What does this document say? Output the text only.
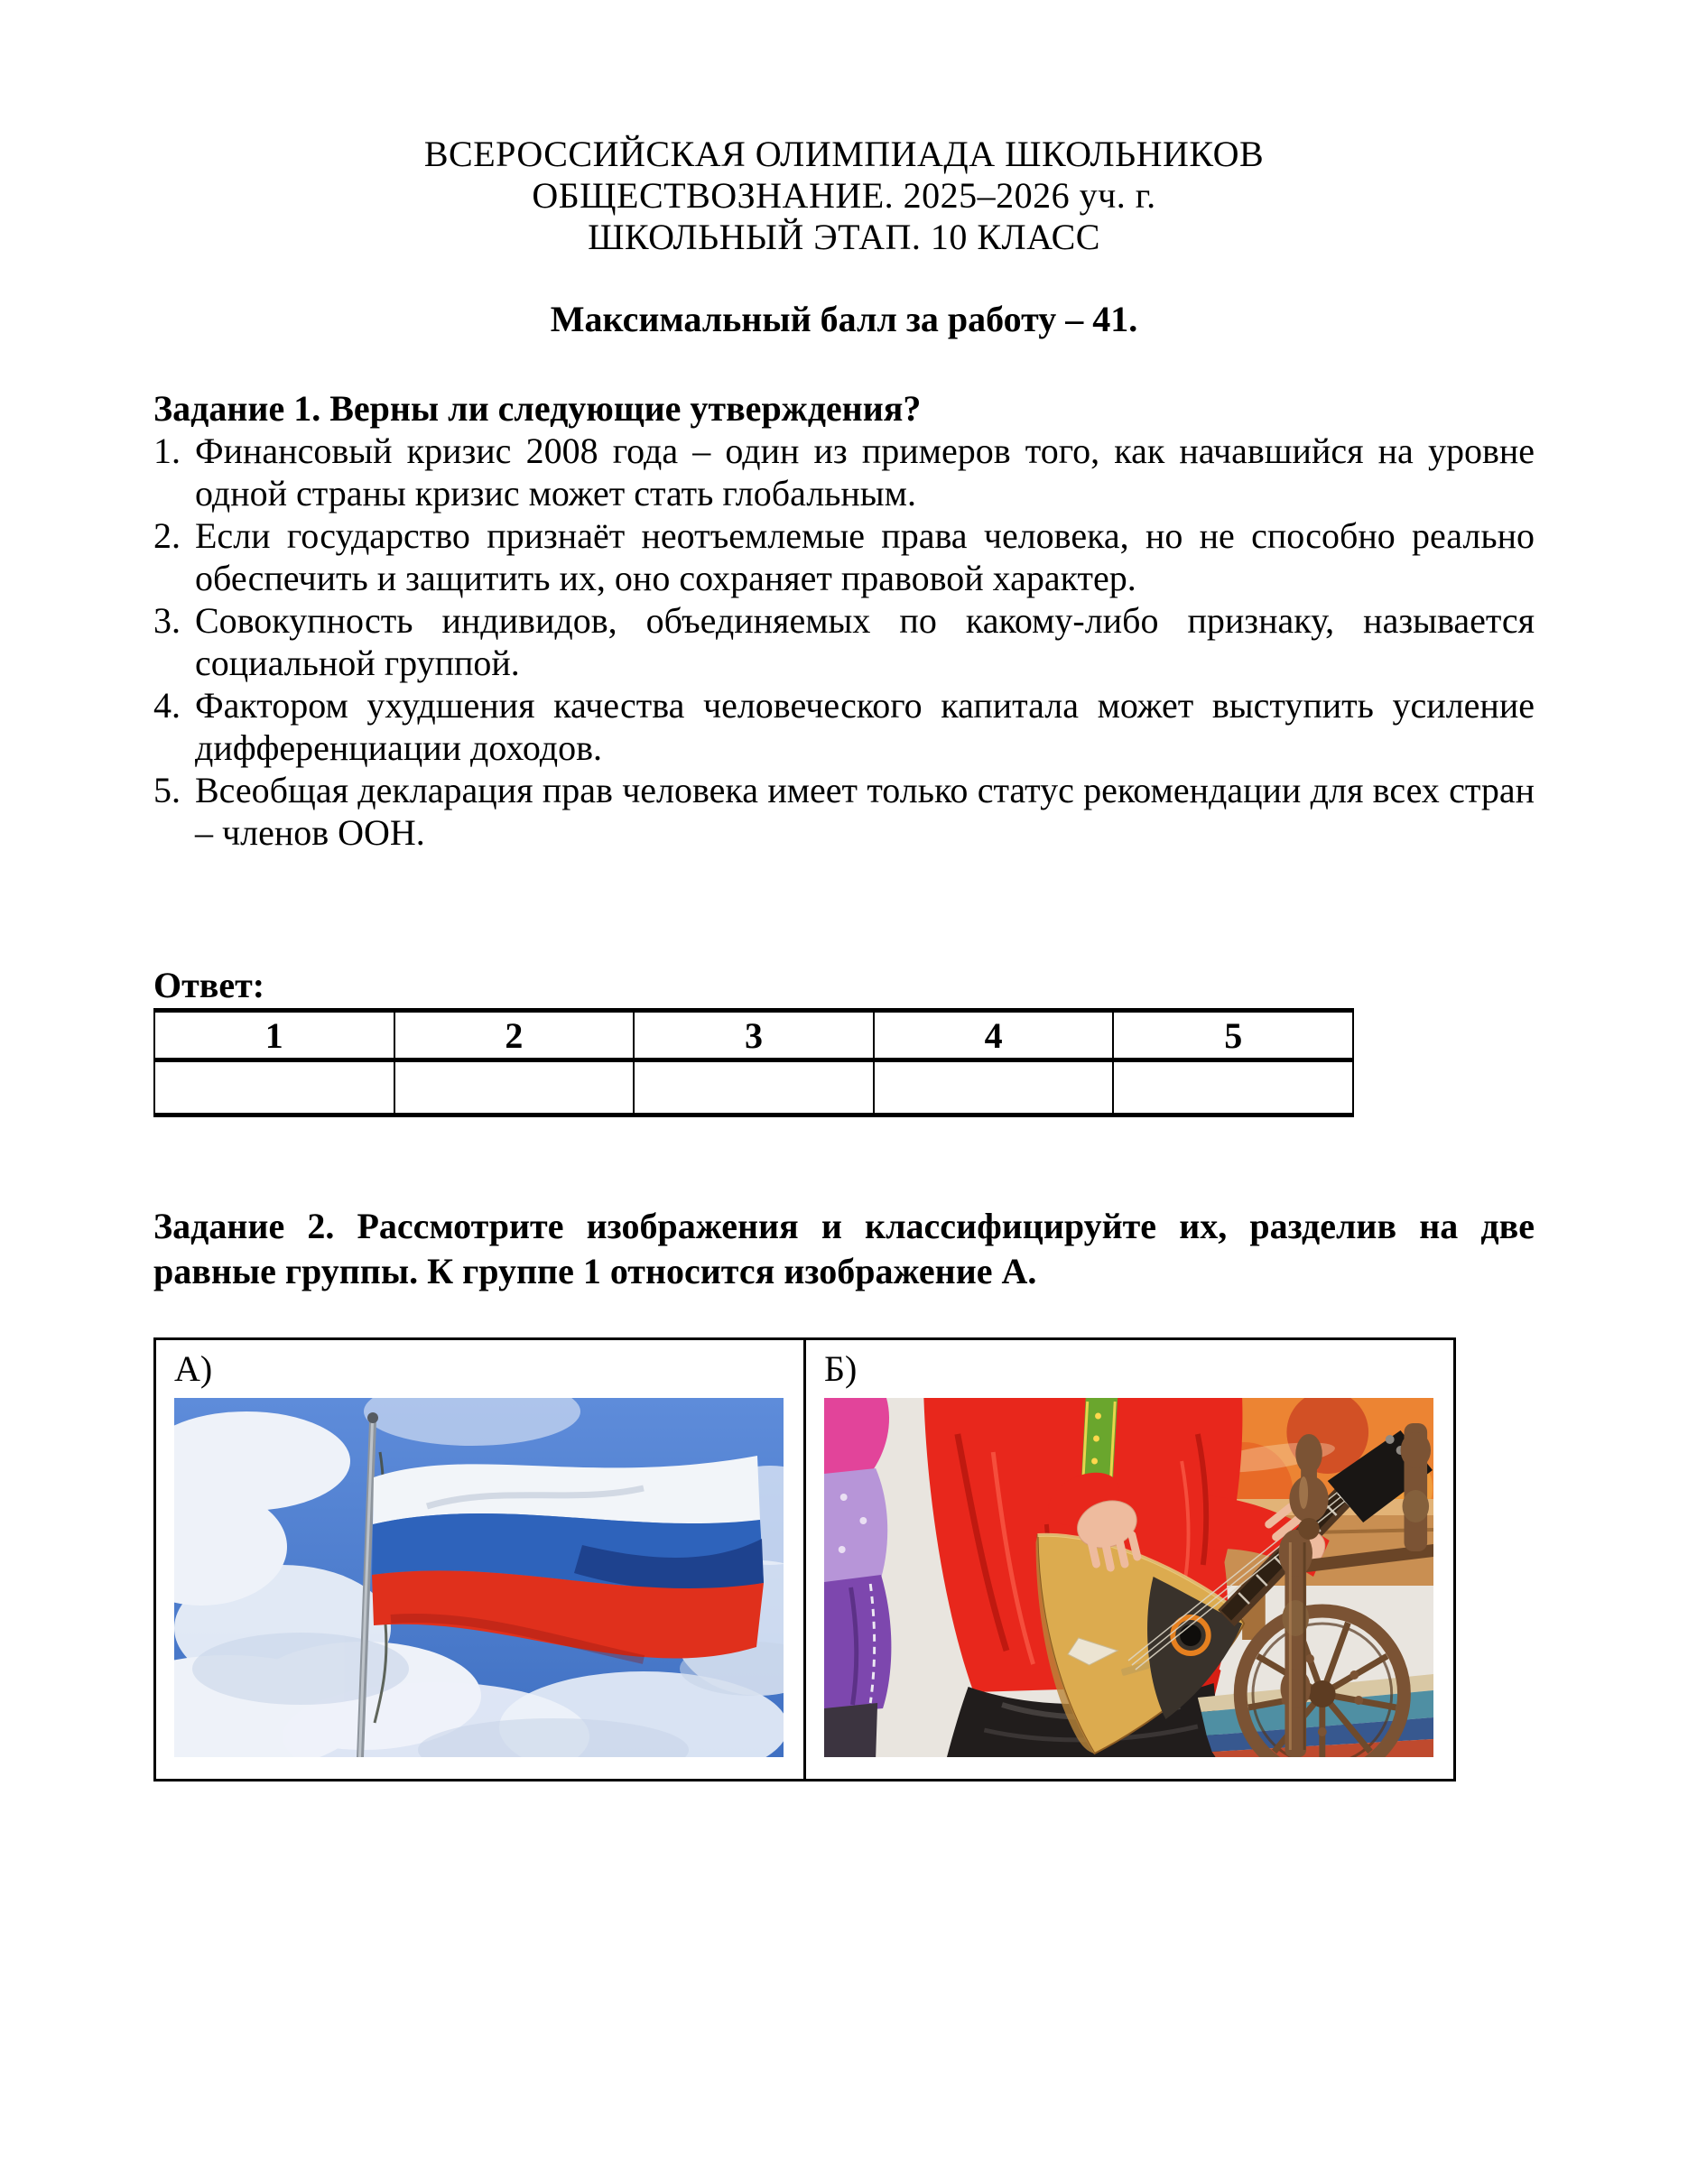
ВСЕРОССИЙСКАЯ ОЛИМПИАДА ШКОЛЬНИКОВ
ОБЩЕСТВОЗНАНИЕ. 2025–2026 уч. г.
ШКОЛЬНЫЙ ЭТАП. 10 КЛАСС
Максимальный балл за работу – 41.
Задание 1. Верны ли следующие утверждения?
1. Финансовый кризис 2008 года – один из примеров того, как начавшийся на уровне одной страны кризис может стать глобальным.
2. Если государство признаёт неотъемлемые права человека, но не способно реально обеспечить и защитить их, оно сохраняет правовой характер.
3. Совокупность индивидов, объединяемых по какому-либо признаку, называется социальной группой.
4. Фактором ухудшения качества человеческого капитала может выступить усиление дифференциации доходов.
5. Всеобщая декларация прав человека имеет только статус рекомендации для всех стран – членов ООН.
Ответ:
1	2	3	4	5

Задание 2. Рассмотрите изображения и классифицируйте их, разделив на две равные группы. К группе 1 относится изображение А.
А)	Б)
